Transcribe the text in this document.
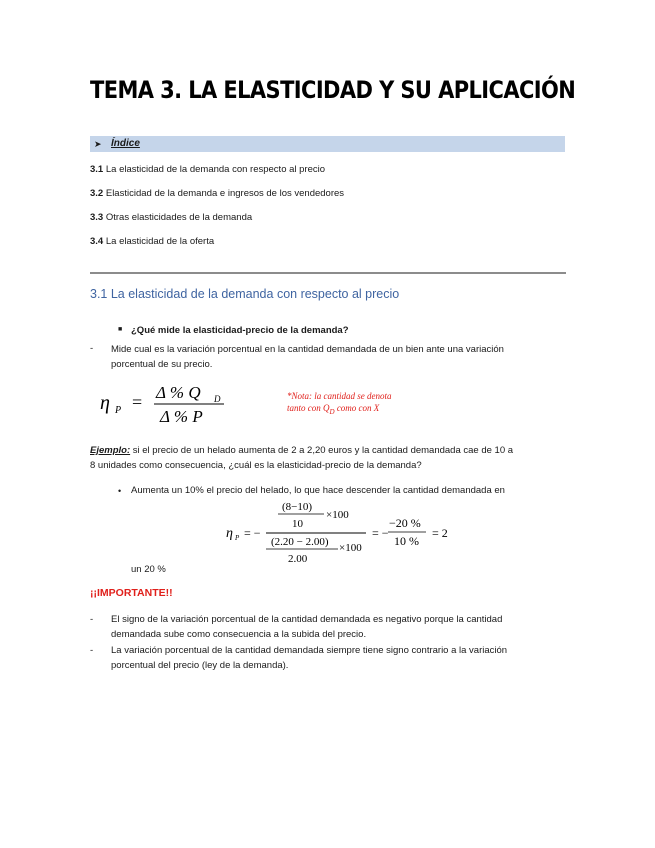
TEMA 3. LA ELASTICIDAD Y SU APLICACIÓN
➤ Índice
3.1 La elasticidad de la demanda con respecto al precio
3.2 Elasticidad de la demanda e ingresos de los vendedores
3.3 Otras elasticidades de la demanda
3.4 La elasticidad de la oferta
3.1 La elasticidad de la demanda con respecto al precio
■ ¿Qué mide la elasticidad-precio de la demanda?
- Mide cual es la variación porcentual en la cantidad demandada de un bien ante una variación
porcentual de su precio.
η P = Δ % Q D
Δ % P
*Nota: la cantidad se denota
tanto con $Q_D$ como con X
Ejemplo: si el precio de un helado aumenta de 2 a 2,20 euros y la cantidad demandada cae de 10 a
8 unidades como consecuencia, ¿cuál es la elasticidad-precio de la demanda?
• Aumenta un 10% el precio del helado, lo que hace descender la cantidad demandada en
η P = −
(8−10)
×100
10
(2.20 − 2.00) ×100
2.00
= −
−20 %
10 %
= 2
un 20 %
¡¡IMPORTANTE!!
- El signo de la variación porcentual de la cantidad demandada es negativo porque la cantidad
demandada sube como consecuencia a la subida del precio.
- La variación porcentual de la cantidad demandada siempre tiene signo contrario a la variación
porcentual del precio (ley de la demanda).
